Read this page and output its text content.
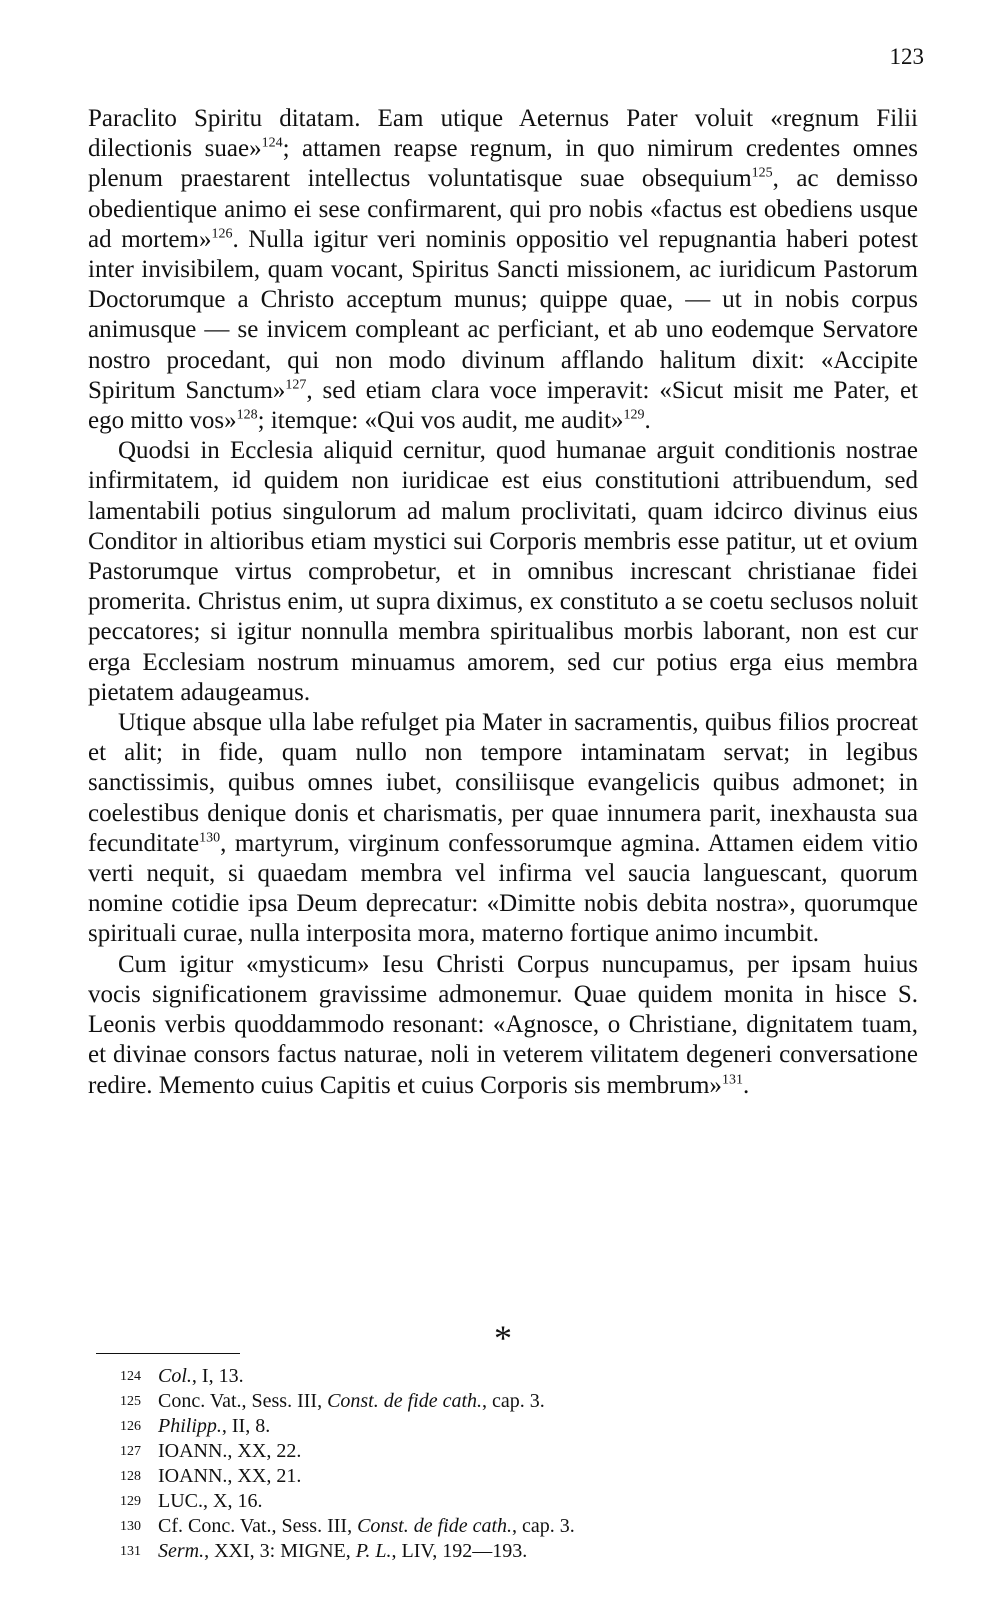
123

Paraclito Spiritu ditatam. Eam utique Aeternus Pater voluit «regnum Filii dilectionis suae»$^{124}$; attamen reapse regnum, in quo nimirum credentes omnes plenum praestarent intellectus voluntatisque suae obsequium$^{125}$, ac demisso obedientique animo ei sese confirmarent, qui pro nobis «factus est obediens usque ad mortem»$^{126}$. Nulla igitur veri nominis oppositio vel repugnantia haberi potest inter invisibilem, quam vocant, Spiritus Sancti missionem, ac iuridicum Pastorum Doctorumque a Christo acceptum munus; quippe quae, — ut in nobis corpus animusque — se invicem compleant ac perficiant, et ab uno eodemque Servatore nostro procedant, qui non modo divinum afflando halitum dixit: «Accipite Spiritum Sanctum»$^{127}$, sed etiam clara voce imperavit: «Sicut misit me Pater, et ego mitto vos»$^{128}$; itemque: «Qui vos audit, me audit»$^{129}$.

Quodsi in Ecclesia aliquid cernitur, quod humanae arguit conditionis nostrae infirmitatem, id quidem non iuridicae est eius constitutioni attribuendum, sed lamentabili potius singulorum ad malum proclivitati, quam idcirco divinus eius Conditor in altioribus etiam mystici sui Corporis membris esse patitur, ut et ovium Pastorumque virtus comprobetur, et in omnibus increscant christianae fidei promerita. Christus enim, ut supra diximus, ex constituto a se coetu seclusos noluit peccatores; si igitur nonnulla membra spiritualibus morbis laborant, non est cur erga Ecclesiam nostrum minuamus amorem, sed cur potius erga eius membra pietatem adaugeamus.

Utique absque ulla labe refulget pia Mater in sacramentis, quibus filios procreat et alit; in fide, quam nullo non tempore intaminatam servat; in legibus sanctissimis, quibus omnes iubet, consiliisque evangelicis quibus admonet; in coelestibus denique donis et charismatis, per quae innumera parit, inexhausta sua fecunditate$^{130}$, martyrum, virginum confessorumque agmina. Attamen eidem vitio verti nequit, si quaedam membra vel infirma vel saucia languescant, quorum nomine cotidie ipsa Deum deprecatur: «Dimitte nobis debita nostra», quorumque spirituali curae, nulla interposita mora, materno fortique animo incumbit.

Cum igitur «mysticum» Iesu Christi Corpus nuncupamus, per ipsam huius vocis significationem gravissime admonemur. Quae quidem monita in hisce S. Leonis verbis quoddammodo resonant: «Agnosce, o Christiane, dignitatem tuam, et divinae consors factus naturae, noli in veterem vilitatem degeneri conversatione redire. Memento cuius Capitis et cuius Corporis sis membrum»$^{131}$.

*
124 Col., I, 13.
125 Conc. Vat., Sess. III, Const. de fide cath., cap. 3.
126 Philipp., II, 8.
127 IOANN., XX, 22.
128 IOANN., XX, 21.
129 LUC., X, 16.
130 Cf. Conc. Vat., Sess. III, Const. de fide cath., cap. 3.
131 Serm., XXI, 3: MIGNE, P. L., LIV, 192—193.
